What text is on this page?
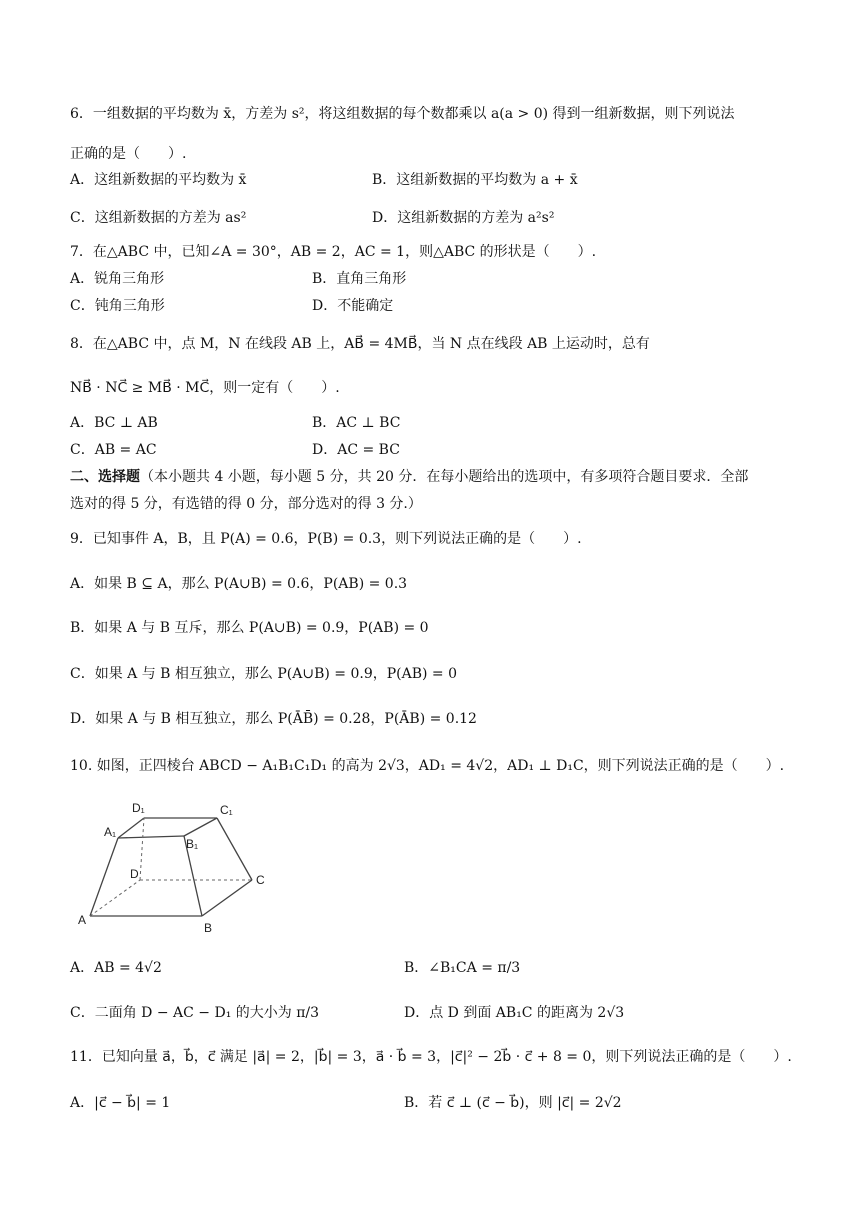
6．一组数据的平均数为 x̄，方差为 s²，将这组数据的每个数都乘以 a(a > 0) 得到一组新数据，则下列说法
正确的是（　　）.
A．这组新数据的平均数为 x̄	B．这组新数据的平均数为 a + x̄
C．这组新数据的方差为 as²	D．这组新数据的方差为 a²s²
7．在△ABC 中，已知∠A = 30°，AB = 2，AC = 1，则△ABC 的形状是（　　）.
A．锐角三角形	B．直角三角形
C．钝角三角形	D．不能确定
8．在△ABC 中，点 M，N 在线段 AB 上，AB⃗ = 4MB⃗，当 N 点在线段 AB 上运动时，总有
NB⃗ · NC⃗ ≥ MB⃗ · MC⃗，则一定有（　　）.
A．BC ⊥ AB	B．AC ⊥ BC
C．AB = AC	D．AC = BC
二、选择题（本小题共 4 小题，每小题 5 分，共 20 分．在每小题给出的选项中，有多项符合题目要求．全部
选对的得 5 分，有选错的得 0 分，部分选对的得 3 分.）
9．已知事件 A，B，且 P(A) = 0.6，P(B) = 0.3，则下列说法正确的是（　　）.
A．如果 B ⊆ A，那么 P(A∪B) = 0.6，P(AB) = 0.3
B．如果 A 与 B 互斥，那么 P(A∪B) = 0.9，P(AB) = 0
C．如果 A 与 B 相互独立，那么 P(A∪B) = 0.9，P(AB) = 0
D．如果 A 与 B 相互独立，那么 P(ĀB̄) = 0.28，P(ĀB) = 0.12
10. 如图，正四棱台 ABCD − A₁B₁C₁D₁ 的高为 2√3，AD₁ = 4√2，AD₁ ⊥ D₁C，则下列说法正确的是（　　）.
A₁
D₁	C₁
B₁
D	C
A
B
A．AB = 4√2	B．∠B₁CA = π/3
C．二面角 D − AC − D₁ 的大小为 π/3	D．点 D 到面 AB₁C 的距离为 2√3
11．已知向量 a⃗，b⃗，c⃗ 满足 |a⃗| = 2，|b⃗| = 3，a⃗ · b⃗ = 3，|c⃗|² − 2b⃗ · c⃗ + 8 = 0，则下列说法正确的是（　　）.
A．|c⃗ − b⃗| = 1	B．若 c⃗ ⊥ (c⃗ − b⃗)，则 |c⃗| = 2√2
